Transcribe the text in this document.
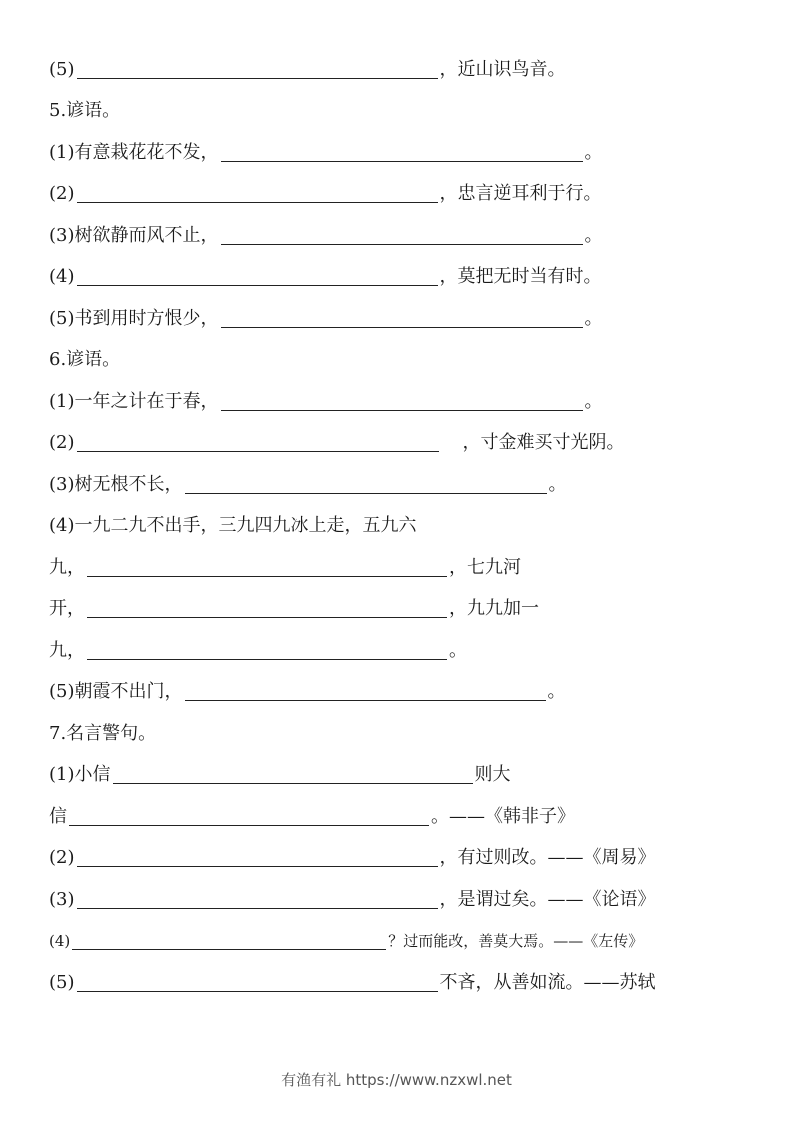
(5)	，近山识鸟音。
5.谚语。
(1)有意栽花花不发，	。
(2)	，忠言逆耳利于行。
(3)树欲静而风不止，	。
(4)	，莫把无时当有时。
(5)书到用时方恨少，	。
6.谚语。
(1)一年之计在于春，	。
(2)	，寸金难买寸光阴。
(3)树无根不长，	。
(4)一九二九不出手，三九四九冰上走，五九六
九，	，七九河
开，	，九九加一
九，	。
(5)朝霞不出门，	。
7.名言警句。
(1)小信	则大
信	。——《韩非子》
(2)	，有过则改。——《周易》
(3)	，是谓过矣。——《论语》
(4)	？过而能改，善莫大焉。——《左传》
(5)	不吝，从善如流。——苏轼
有渔有礼 https://www.nzxwl.net
